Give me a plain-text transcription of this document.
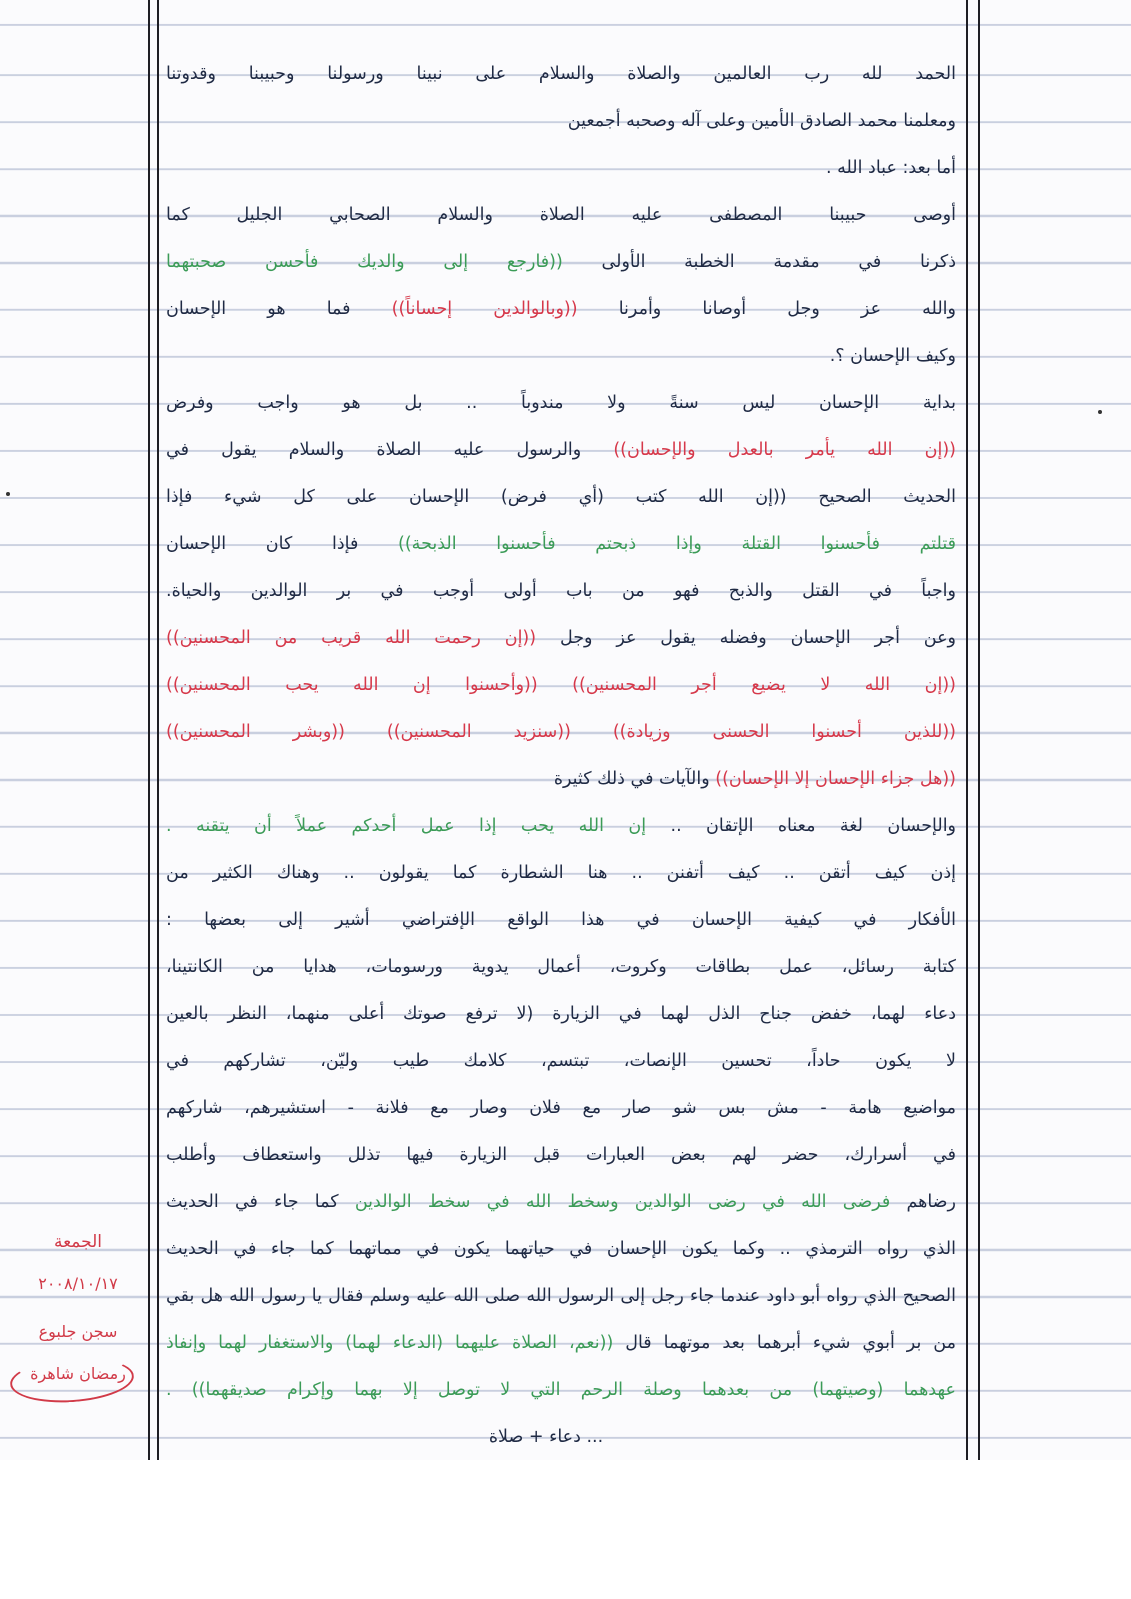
الحمد لله رب العالمين والصلاة والسلام على نبينا ورسولنا وحبيبنا وقدوتنا
ومعلمنا محمد الصادق الأمين وعلى آله وصحبه أجمعين
أما بعد: عباد الله .
أوصى حبيبنا المصطفى عليه الصلاة والسلام الصحابي الجليل كما
ذكرنا في مقدمة الخطبة الأولى ((فارجع إلى والديك فأحسن صحبتهما
والله عز وجل أوصانا وأمرنا ((وبالوالدين إحساناً)) فما هو الإحسان
وكيف الإحسان ؟.
بداية الإحسان ليس سنةً ولا مندوباً .. بل هو واجب وفرض
((إن الله يأمر بالعدل والإحسان)) والرسول عليه الصلاة والسلام يقول في
الحديث الصحيح ((إن الله كتب (أي فرض) الإحسان على كل شيء فإذا
قتلتم فأحسنوا القتلة وإذا ذبحتم فأحسنوا الذبحة)) فإذا كان الإحسان
واجباً في القتل والذبح فهو من باب أولى أوجب في بر الوالدين والحياة.
وعن أجر الإحسان وفضله يقول عز وجل ((إن رحمت الله قريب من المحسنين))
((إن الله لا يضيع أجر المحسنين)) ((وأحسنوا إن الله يحب المحسنين))
((للذين أحسنوا الحسنى وزيادة)) ((سنزيد المحسنين)) ((وبشر المحسنين))
((هل جزاء الإحسان إلا الإحسان)) والآيات في ذلك كثيرة
والإحسان لغة معناه الإتقان .. إن الله يحب إذا عمل أحدكم عملاً أن يتقنه .
إذن كيف أتقن .. كيف أتفنن .. هنا الشطارة كما يقولون .. وهناك الكثير من
الأفكار في كيفية الإحسان في هذا الواقع الإفتراضي أشير إلى بعضها :
كتابة رسائل، عمل بطاقات وكروت، أعمال يدوية ورسومات، هدايا من الكانتينا،
دعاء لهما، خفض جناح الذل لهما في الزيارة (لا ترفع صوتك أعلى منهما، النظر بالعين
لا يكون حاداً، تحسين الإنصات، تبتسم، كلامك طيب وليّن، تشاركهم في
مواضيع هامة - مش بس شو صار مع فلان وصار مع فلانة - استشيرهم، شاركهم
في أسرارك، حضر لهم بعض العبارات قبل الزيارة فيها تذلل واستعطاف وأطلب
رضاهم فرضى الله في رضى الوالدين وسخط الله في سخط الوالدين كما جاء في الحديث
الذي رواه الترمذي .. وكما يكون الإحسان في حياتهما يكون في مماتهما كما جاء في الحديث
الصحيح الذي رواه أبو داود عندما جاء رجل إلى الرسول الله صلى الله عليه وسلم فقال يا رسول الله هل بقي
من بر أبوي شيء أبرهما بعد موتهما قال ((نعم، الصلاة عليهما (الدعاء لهما) والاستغفار لهما وإنفاذ
عهدهما (وصيتهما) من بعدهما وصلة الرحم التي لا توصل إلا بهما وإكرام صديقهما)) .
... دعاء + صلاة
الجمعة
٢٠٠٨/١٠/١٧
سجن جلبوع
رمضان شاهرة
